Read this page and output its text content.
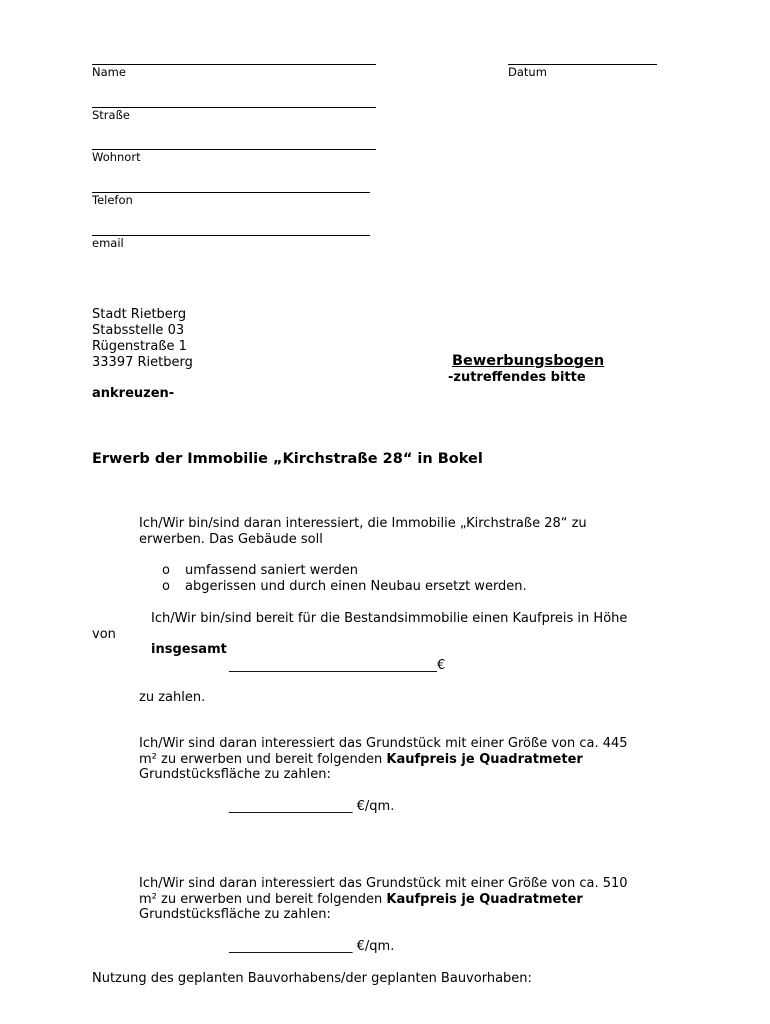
Name	Datum
Straße
Wohnort
Telefon
email
Stadt Rietberg
Stabsstelle 03
Rügenstraße 1
33397 Rietberg	Bewerbungsbogen
-zutreffendes bitte
ankreuzen-
Erwerb der Immobilie „Kirchstraße 28“ in Bokel
Ich/Wir bin/sind daran interessiert, die Immobilie „Kirchstraße 28“ zu
erwerben. Das Gebäude soll
o umfassend saniert werden
o abgerissen und durch einen Neubau ersetzt werden.
Ich/Wir bin/sind bereit für die Bestandsimmobilie einen Kaufpreis in Höhe
von
insgesamt
________________________________€
zu zahlen.
Ich/Wir sind daran interessiert das Grundstück mit einer Größe von ca. 445
m² zu erwerben und bereit folgenden Kaufpreis je Quadratmeter
Grundstücksfläche zu zahlen:
___________________ €/qm.
Ich/Wir sind daran interessiert das Grundstück mit einer Größe von ca. 510
m² zu erwerben und bereit folgenden Kaufpreis je Quadratmeter
Grundstücksfläche zu zahlen:
___________________ €/qm.
Nutzung des geplanten Bauvorhabens/der geplanten Bauvorhaben:
